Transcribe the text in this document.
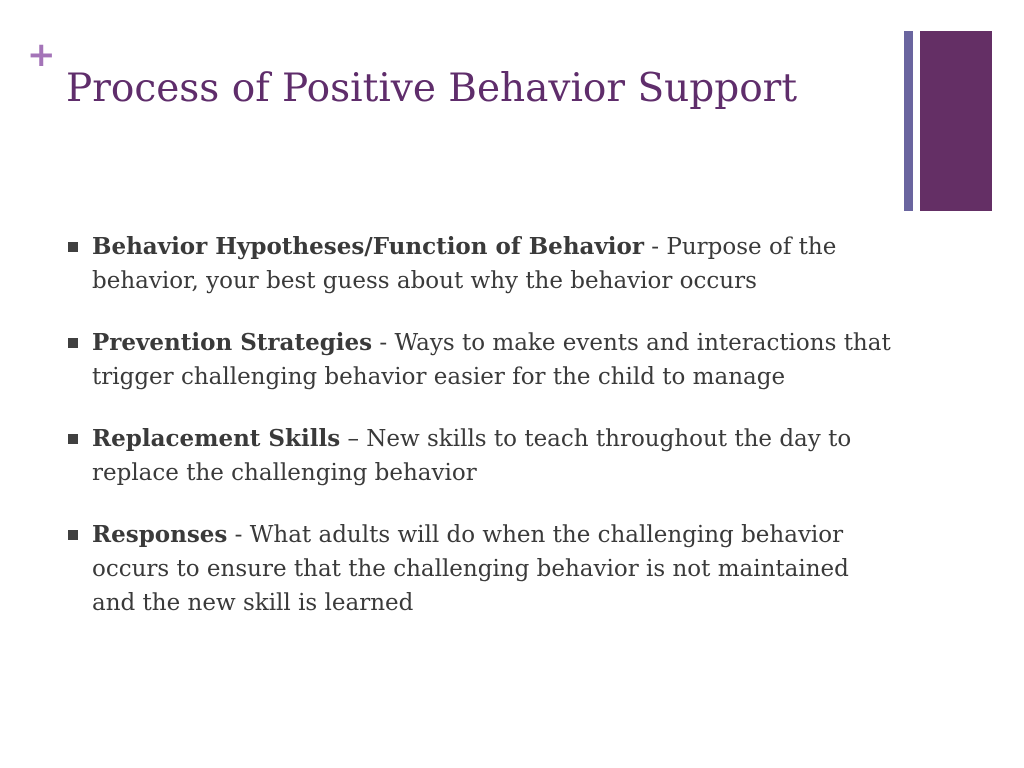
+
Process of Positive Behavior Support
Behavior Hypotheses/Function of Behavior - Purpose of the behavior, your best guess about why the behavior occurs
Prevention Strategies - Ways to make events and interactions that trigger challenging behavior easier for the child to manage
Replacement Skills – New skills to teach throughout the day to replace the challenging behavior
Responses - What adults will do when the challenging behavior occurs to ensure that the challenging behavior is not maintained and the new skill is learned
